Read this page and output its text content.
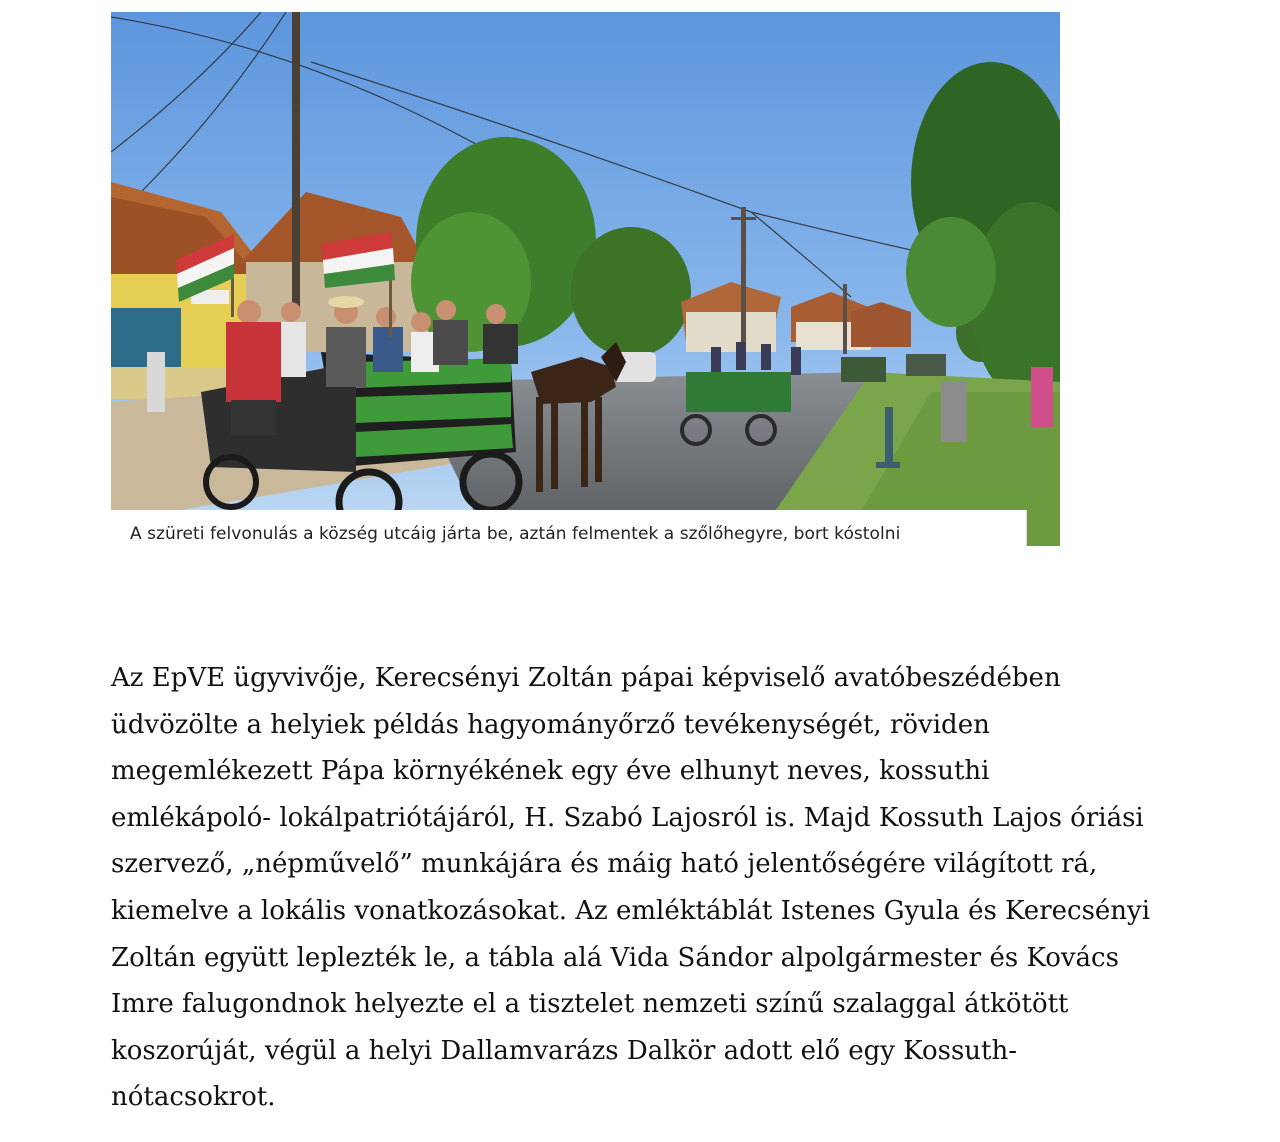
A szüreti felvonulás a község utcáig járta be, aztán felmentek a szőlőhegyre, bort kóstolni

Az EpVE ügyvivője, Kerecsényi Zoltán pápai képviselő avatóbeszédében
üdvözölte a helyiek példás hagyományőrző tevékenységét, röviden
megemlékezett Pápa környékének egy éve elhunyt neves, kossuthi
emlékápoló- lokálpatriótájáról, H. Szabó Lajosról is. Majd Kossuth Lajos óriási
szervező, „népművelő” munkájára és máig ható jelentőségére világított rá,
kiemelve a lokális vonatkozásokat. Az emléktáblát Istenes Gyula és Kerecsényi
Zoltán együtt leplezték le, a tábla alá Vida Sándor alpolgármester és Kovács
Imre falugondnok helyezte el a tisztelet nemzeti színű szalaggal átkötött
koszorúját, végül a helyi Dallamvarázs Dalkör adott elő egy Kossuth-
nótacsokrot.
